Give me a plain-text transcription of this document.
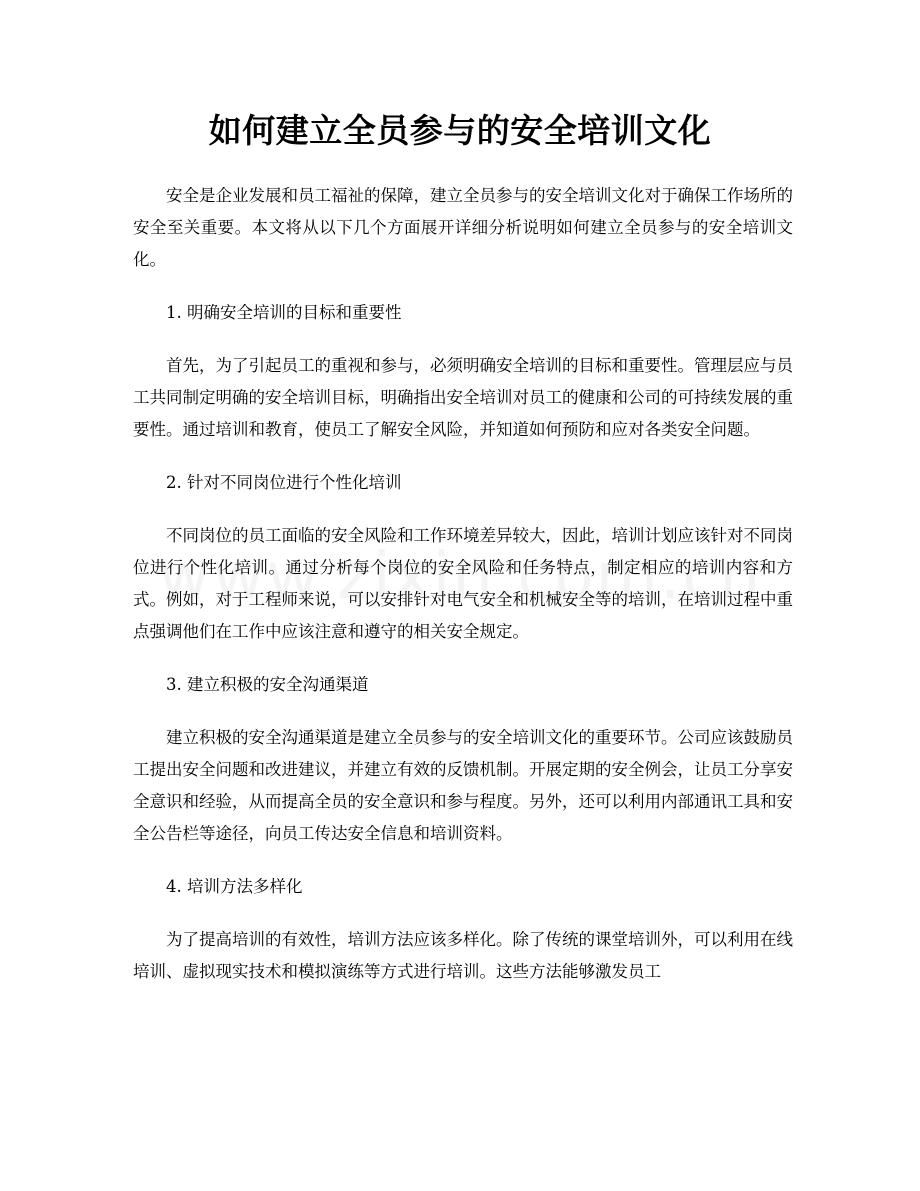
如何建立全员参与的安全培训文化

安全是企业发展和员工福祉的保障，建立全员参与的安全培训文化对于确保工作场所的安全至关重要。本文将从以下几个方面展开详细分析说明如何建立全员参与的安全培训文化。

1. 明确安全培训的目标和重要性

首先，为了引起员工的重视和参与，必须明确安全培训的目标和重要性。管理层应与员工共同制定明确的安全培训目标，明确指出安全培训对员工的健康和公司的可持续发展的重要性。通过培训和教育，使员工了解安全风险，并知道如何预防和应对各类安全问题。

2. 针对不同岗位进行个性化培训

不同岗位的员工面临的安全风险和工作环境差异较大，因此，培训计划应该针对不同岗位进行个性化培训。通过分析每个岗位的安全风险和任务特点，制定相应的培训内容和方式。例如，对于工程师来说，可以安排针对电气安全和机械安全等的培训，在培训过程中重点强调他们在工作中应该注意和遵守的相关安全规定。

3. 建立积极的安全沟通渠道

建立积极的安全沟通渠道是建立全员参与的安全培训文化的重要环节。公司应该鼓励员工提出安全问题和改进建议，并建立有效的反馈机制。开展定期的安全例会，让员工分享安全意识和经验，从而提高全员的安全意识和参与程度。另外，还可以利用内部通讯工具和安全公告栏等途径，向员工传达安全信息和培训资料。

4. 培训方法多样化

为了提高培训的有效性，培训方法应该多样化。除了传统的课堂培训外，可以利用在线培训、虚拟现实技术和模拟演练等方式进行培训。这些方法能够激发员工
